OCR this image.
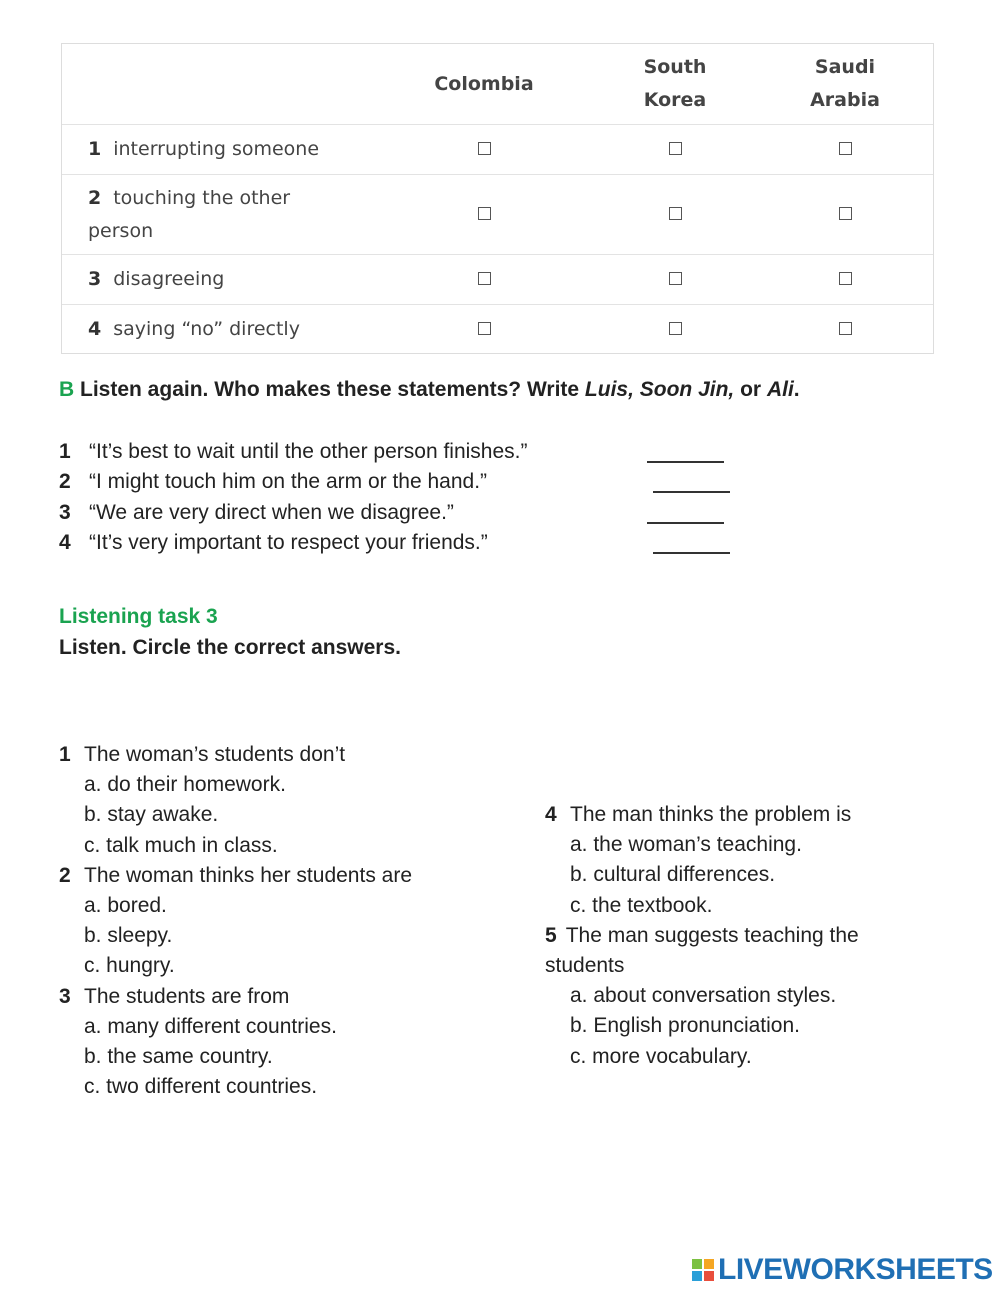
Colombia
South
Korea
Saudi
Arabia
1 interrupting someone
2 touching the other
person
3 disagreeing
4 saying “no” directly
B Listen again. Who makes these statements? Write Luis, Soon Jin, or Ali.
1 “It’s best to wait until the other person finishes.”
2 “I might touch him on the arm or the hand.”
3 “We are very direct when we disagree.”
4 “It’s very important to respect your friends.”
Listening task 3
Listen. Circle the correct answers.
1 The woman’s students don’t
a. do their homework.
b. stay awake.
c. talk much in class.
2 The woman thinks her students are
a. bored.
b. sleepy.
c. hungry.
3 The students are from
a. many different countries.
b. the same country.
c. two different countries.
4 The man thinks the problem is
a. the woman’s teaching.
b. cultural differences.
c. the textbook.
5 The man suggests teaching the
students
a. about conversation styles.
b. English pronunciation.
c. more vocabulary.
LIVEWORKSHEETS
